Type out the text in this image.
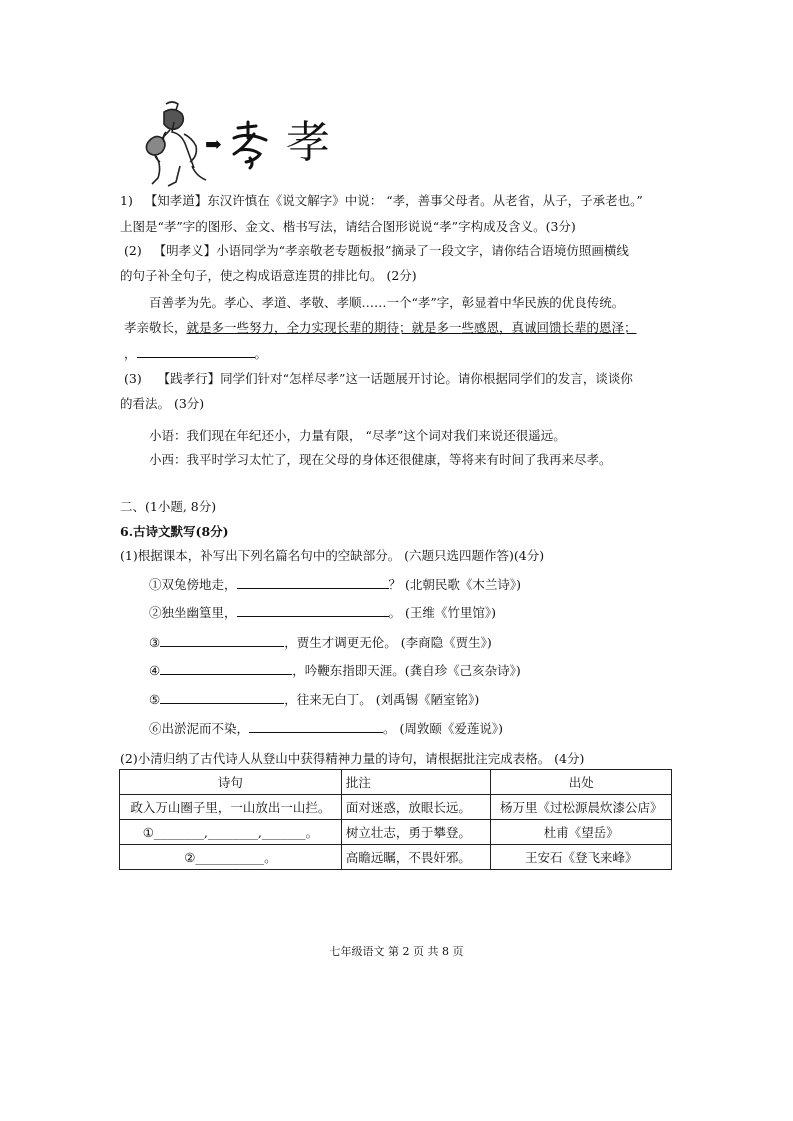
➡ 孝
1) 【知孝道】东汉许慎在《说文解字》中说： “孝，善事父母者。从老省，从子，子承老也。”
上图是“孝”字的图形、金文、楷书写法，请结合图形说说“孝”字构成及含义。(3分)
(2) 【明孝义】小语同学为“孝亲敬老专题板报”摘录了一段文字，请你结合语境仿照画横线
的句子补全句子，使之构成语意连贯的排比句。 (2分)
百善孝为先。孝心、孝道、孝敬、孝顺……一个“孝”字，彰显着中华民族的优良传统。
孝亲敬长，就是多一些努力，全力实现长辈的期待；就是多一些感恩，真诚回馈长辈的恩泽；
，	。
(3) 【践孝行】同学们针对“怎样尽孝”这一话题展开讨论。请你根据同学们的发言，谈谈你
的看法。 (3分)
小语：我们现在年纪还小，力量有限， “尽孝”这个词对我们来说还很遥远。
小西：我平时学习太忙了，现在父母的身体还很健康，等将来有时间了我再来尽孝。
二、(1小题, 8分)
6.古诗文默写(8分)
(1)根据课本，补写出下列名篇名句中的空缺部分。 (六题只选四题作答)(4分)
①双兔傍地走，	？ (北朝民歌《木兰诗》)
②独坐幽篁里，	。 (王维《竹里馆》)
③	，贾生才调更无伦。 (李商隐《贾生》)
④	，吟鞭东指即天涯。(龚自珍《己亥杂诗》)
⑤	，往来无白丁。 (刘禹锡《陋室铭》)
⑥出淤泥而不染，	。 (周敦颐《爱莲说》)
(2)小清归纳了古代诗人从登山中获得精神力量的诗句，请根据批注完成表格。 (4分)
诗句	批注	出处
政入万山圈子里，一山放出一山拦。	面对迷惑，放眼长远。	杨万里《过松源晨炊漆公店》
①________,________,_______。	树立壮志，勇于攀登。	杜甫《望岳》
②___________。	高瞻远瞩，不畏奸邪。	王安石《登飞来峰》
七年级语文 第 2 页 共 8 页
